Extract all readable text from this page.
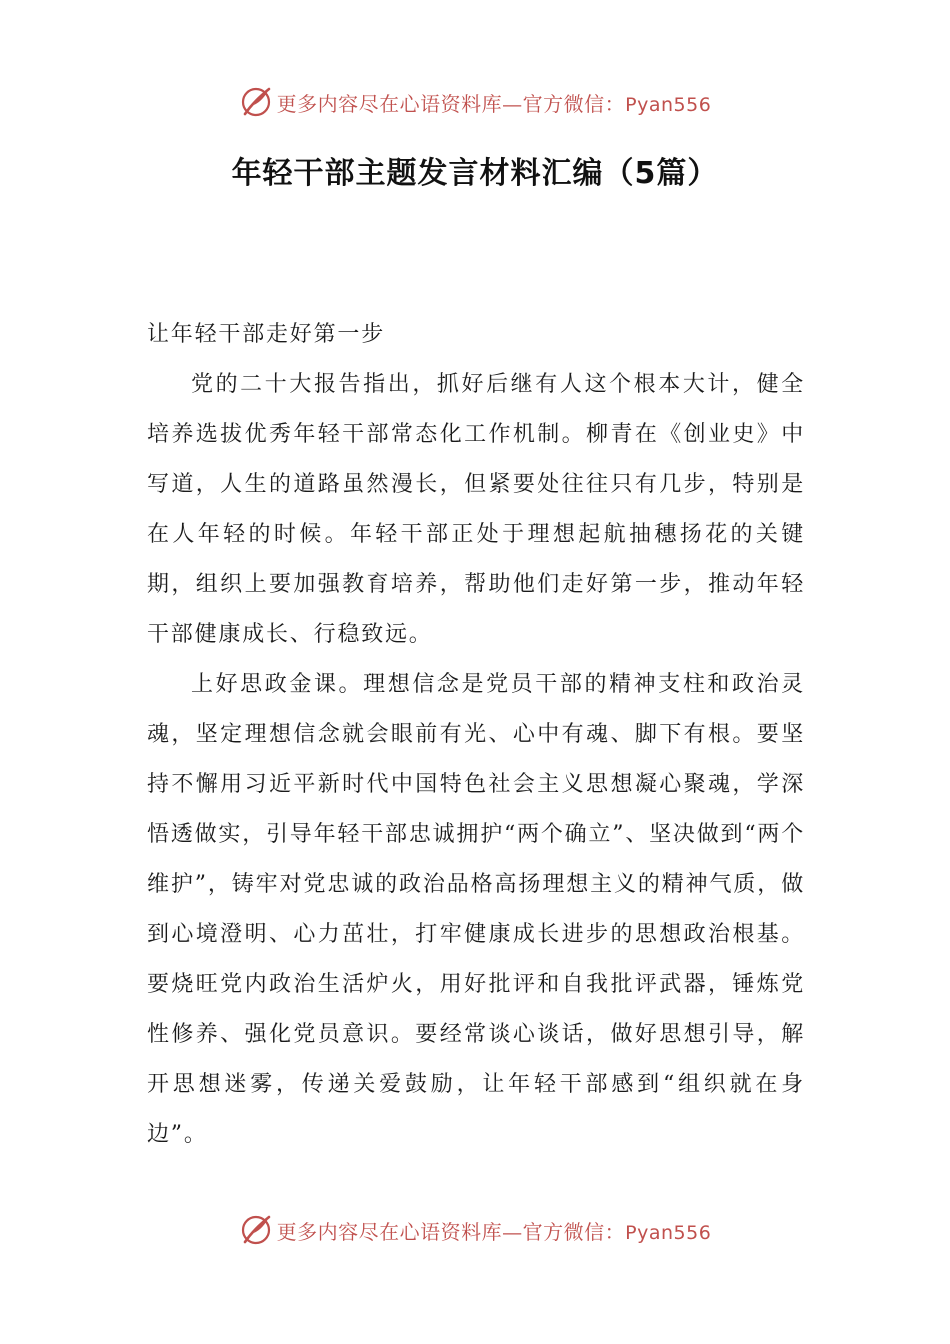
更多内容尽在心语资料库—官方微信：Pyan556
年轻干部主题发言材料汇编（5篇）

让年轻干部走好第一步

党的二十大报告指出，抓好后继有人这个根本大计，健全培养选拔优秀年轻干部常态化工作机制。柳青在《创业史》中写道，人生的道路虽然漫长，但紧要处往往只有几步，特别是在人年轻的时候。年轻干部正处于理想起航抽穗扬花的关键期，组织上要加强教育培养，帮助他们走好第一步，推动年轻干部健康成长、行稳致远。

上好思政金课。理想信念是党员干部的精神支柱和政治灵魂，坚定理想信念就会眼前有光、心中有魂、脚下有根。要坚持不懈用习近平新时代中国特色社会主义思想凝心聚魂，学深悟透做实，引导年轻干部忠诚拥护“两个确立”、坚决做到“两个维护”，铸牢对党忠诚的政治品格高扬理想主义的精神气质，做到心境澄明、心力茁壮，打牢健康成长进步的思想政治根基。要烧旺党内政治生活炉火，用好批评和自我批评武器，锤炼党性修养、强化党员意识。要经常谈心谈话，做好思想引导，解开思想迷雾，传递关爱鼓励，让年轻干部感到“组织就在身边”。

更多内容尽在心语资料库—官方微信：Pyan556
